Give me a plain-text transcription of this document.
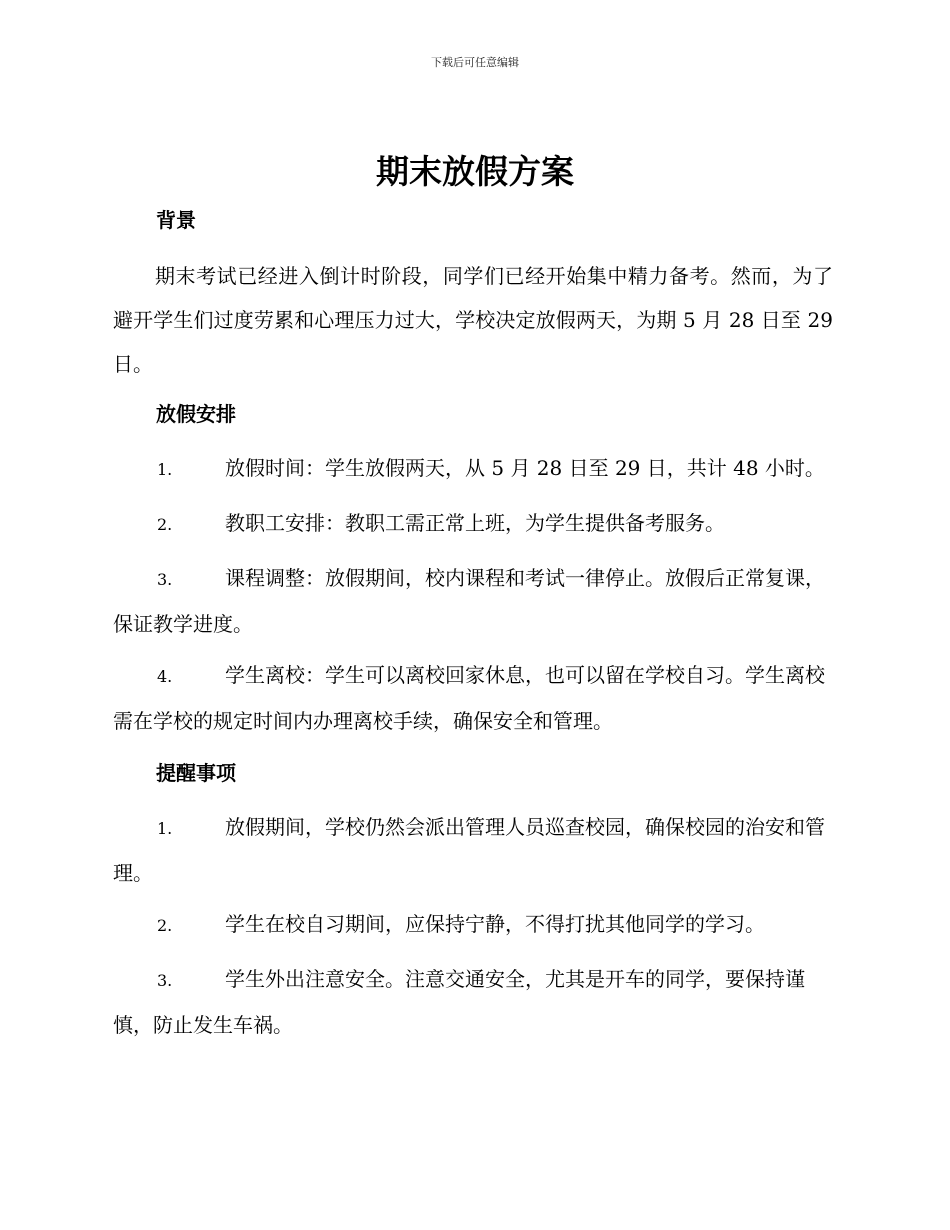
下载后可任意编辑
期末放假方案
背景

期末考试已经进入倒计时阶段，同学们已经开始集中精力备考。然而，为了避开学生们过度劳累和心理压力过大，学校决定放假两天，为期 5 月 28 日至 29 日。

放假安排

1.	放假时间：学生放假两天，从 5 月 28 日至 29 日，共计 48 小时。

2.	教职工安排：教职工需正常上班，为学生提供备考服务。

3.	课程调整：放假期间，校内课程和考试一律停止。放假后正常复课，保证教学进度。

4.	学生离校：学生可以离校回家休息，也可以留在学校自习。学生离校需在学校的规定时间内办理离校手续，确保安全和管理。

提醒事项

1.	放假期间，学校仍然会派出管理人员巡查校园，确保校园的治安和管理。

2.	学生在校自习期间，应保持宁静，不得打扰其他同学的学习。

3.	学生外出注意安全。注意交通安全，尤其是开车的同学，要保持谨慎，防止发生车祸。
